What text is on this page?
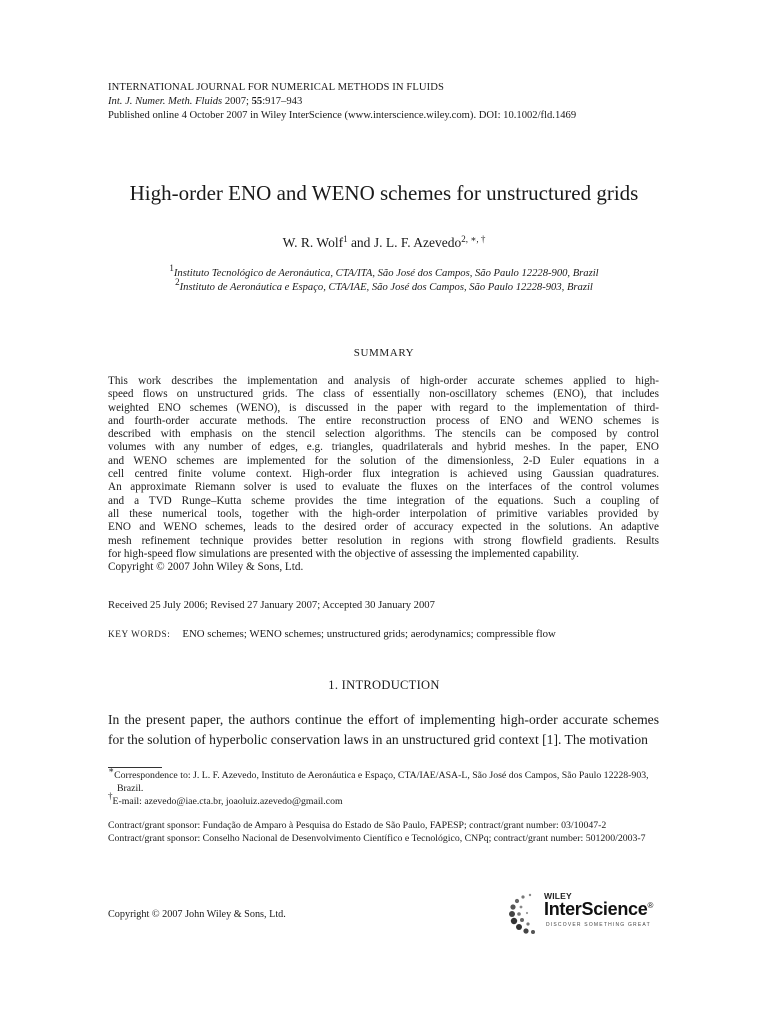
INTERNATIONAL JOURNAL FOR NUMERICAL METHODS IN FLUIDS
Int. J. Numer. Meth. Fluids 2007; 55:917–943
Published online 4 October 2007 in Wiley InterScience (www.interscience.wiley.com). DOI: 10.1002/fld.1469
High-order ENO and WENO schemes for unstructured grids
W. R. Wolf$^1$ and J. L. F. Azevedo$^{2, ∗, \dagger}$
$^1$Instituto Tecnológico de Aeronáutica, CTA/ITA, São José dos Campos, São Paulo 12228-900, Brazil
$^2$Instituto de Aeronáutica e Espaço, CTA/IAE, São José dos Campos, São Paulo 12228-903, Brazil
SUMMARY
This work describes the implementation and analysis of high-order accurate schemes applied to high-
speed flows on unstructured grids. The class of essentially non-oscillatory schemes (ENO), that includes
weighted ENO schemes (WENO), is discussed in the paper with regard to the implementation of third-
and fourth-order accurate methods. The entire reconstruction process of ENO and WENO schemes is
described with emphasis on the stencil selection algorithms. The stencils can be composed by control
volumes with any number of edges, e.g. triangles, quadrilaterals and hybrid meshes. In the paper, ENO
and WENO schemes are implemented for the solution of the dimensionless, 2-D Euler equations in a
cell centred finite volume context. High-order flux integration is achieved using Gaussian quadratures.
An approximate Riemann solver is used to evaluate the fluxes on the interfaces of the control volumes
and a TVD Runge–Kutta scheme provides the time integration of the equations. Such a coupling of
all these numerical tools, together with the high-order interpolation of primitive variables provided by
ENO and WENO schemes, leads to the desired order of accuracy expected in the solutions. An adaptive
mesh refinement technique provides better resolution in regions with strong flowfield gradients. Results
for high-speed flow simulations are presented with the objective of assessing the implemented capability.
Copyright © 2007 John Wiley & Sons, Ltd.
Received 25 July 2006; Revised 27 January 2007; Accepted 30 January 2007
KEY WORDS: ENO schemes; WENO schemes; unstructured grids; aerodynamics; compressible flow
1. INTRODUCTION
In the present paper, the authors continue the effort of implementing high-order accurate schemes
for the solution of hyperbolic conservation laws in an unstructured grid context [1]. The motivation

∗Correspondence to: J. L. F. Azevedo, Instituto de Aeronáutica e Espaço, CTA/IAE/ASA-L, São José dos Campos, São Paulo 12228-903, Brazil.

†E-mail: azevedo@iae.cta.br, joaoluiz.azevedo@gmail.com

Contract/grant sponsor: Fundação de Amparo à Pesquisa do Estado de São Paulo, FAPESP; contract/grant number: 03/10047-2

Contract/grant sponsor: Conselho Nacional de Desenvolvimento Científico e Tecnológico, CNPq; contract/grant number: 501200/2003-7

Copyright © 2007 John Wiley & Sons, Ltd.
WILEY
InterScience®
DISCOVER SOMETHING GREAT
